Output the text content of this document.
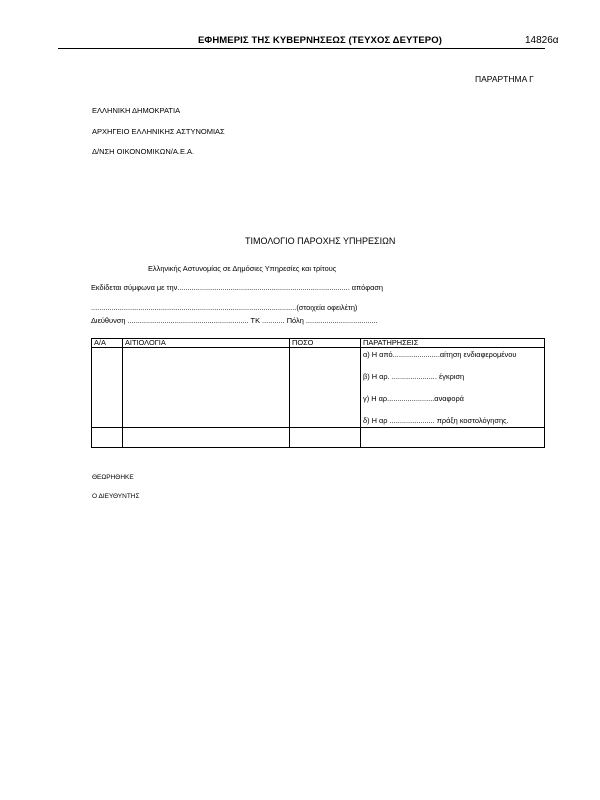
ΕΦΗΜΕΡΙΣ ΤΗΣ ΚΥΒΕΡΝΗΣΕΩΣ (ΤΕΥΧΟΣ ΔΕΥΤΕΡΟ)	14826α
ΠΑΡΑΡΤΗΜΑ Γ
ΕΛΛΗΝΙΚΗ ΔΗΜΟΚΡΑΤΙΑ
ΑΡΧΗΓΕΙΟ ΕΛΛΗΝΙΚΗΣ ΑΣΤΥΝΟΜΙΑΣ
Δ/ΝΣΗ ΟΙΚΟΝΟΜΙΚΩΝ/Α.Ε.Α.
ΤΙΜΟΛΟΓΙΟ ΠΑΡΟΧΗΣ ΥΠΗΡΕΣΙΩΝ
Ελληνικής Αστυνομίας σε Δημόσιες Υπηρεσίες και τρίτους
Εκδίδεται σύμφωνα με την.................................................................................... απόφαση
....................................................................................................(στοιχεία οφειλέτη)
Διεύθυνση ........................................................... ΤΚ ........... Πόλη ...................................
Α/Α	ΑΙΤΙΟΛΟΓΙΑ	ΠΟΣΟ	ΠΑΡΑΤΗΡΗΣΕΙΣ

			α) Η από.......................αίτηση ενδιαφερομένου
β) Η αρ. ...................... έγκριση
γ) Η αρ.......................αναφορά
δ) Η αρ ...................... πράξη κοστολόγησης.

ΘΕΩΡΗΘΗΚΕ
Ο ΔΙΕΥΘΥΝΤΗΣ
